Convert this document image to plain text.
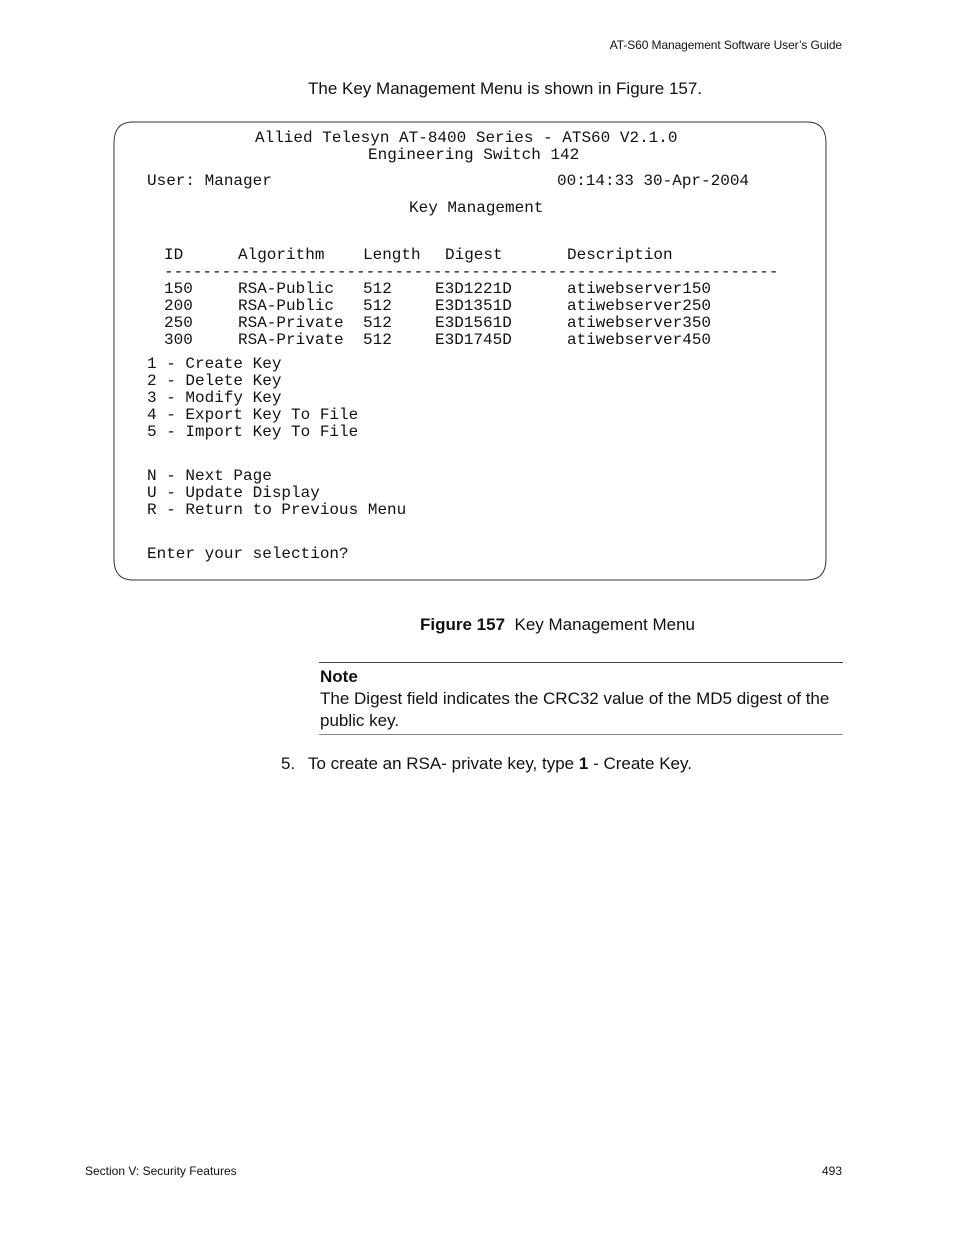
AT-S60 Management Software User’s Guide
The Key Management Menu is shown in Figure 157.
Allied Telesyn AT-8400 Series - ATS60 V2.1.0
Engineering Switch 142
User: Manager	00:14:33 30-Apr-2004
Key Management
ID	Algorithm Length Digest	Description
----------------------------------------------------------------
150	RSA-Public 512	E3D1221D	atiwebserver150
200	RSA-Public 512	E3D1351D	atiwebserver250
250	RSA-Private 512	E3D1561D	atiwebserver350
300	RSA-Private 512	E3D1745D	atiwebserver450
1 - Create Key
2 - Delete Key
3 - Modify Key
4 - Export Key To File
5 - Import Key To File
N - Next Page
U - Update Display
R - Return to Previous Menu
Enter your selection?
Figure 157 Key Management Menu
Note
The Digest field indicates the CRC32 value of the MD5 digest of the public key.
5. To create an RSA- private key, type 1 - Create Key.
Section V: Security Features	493
